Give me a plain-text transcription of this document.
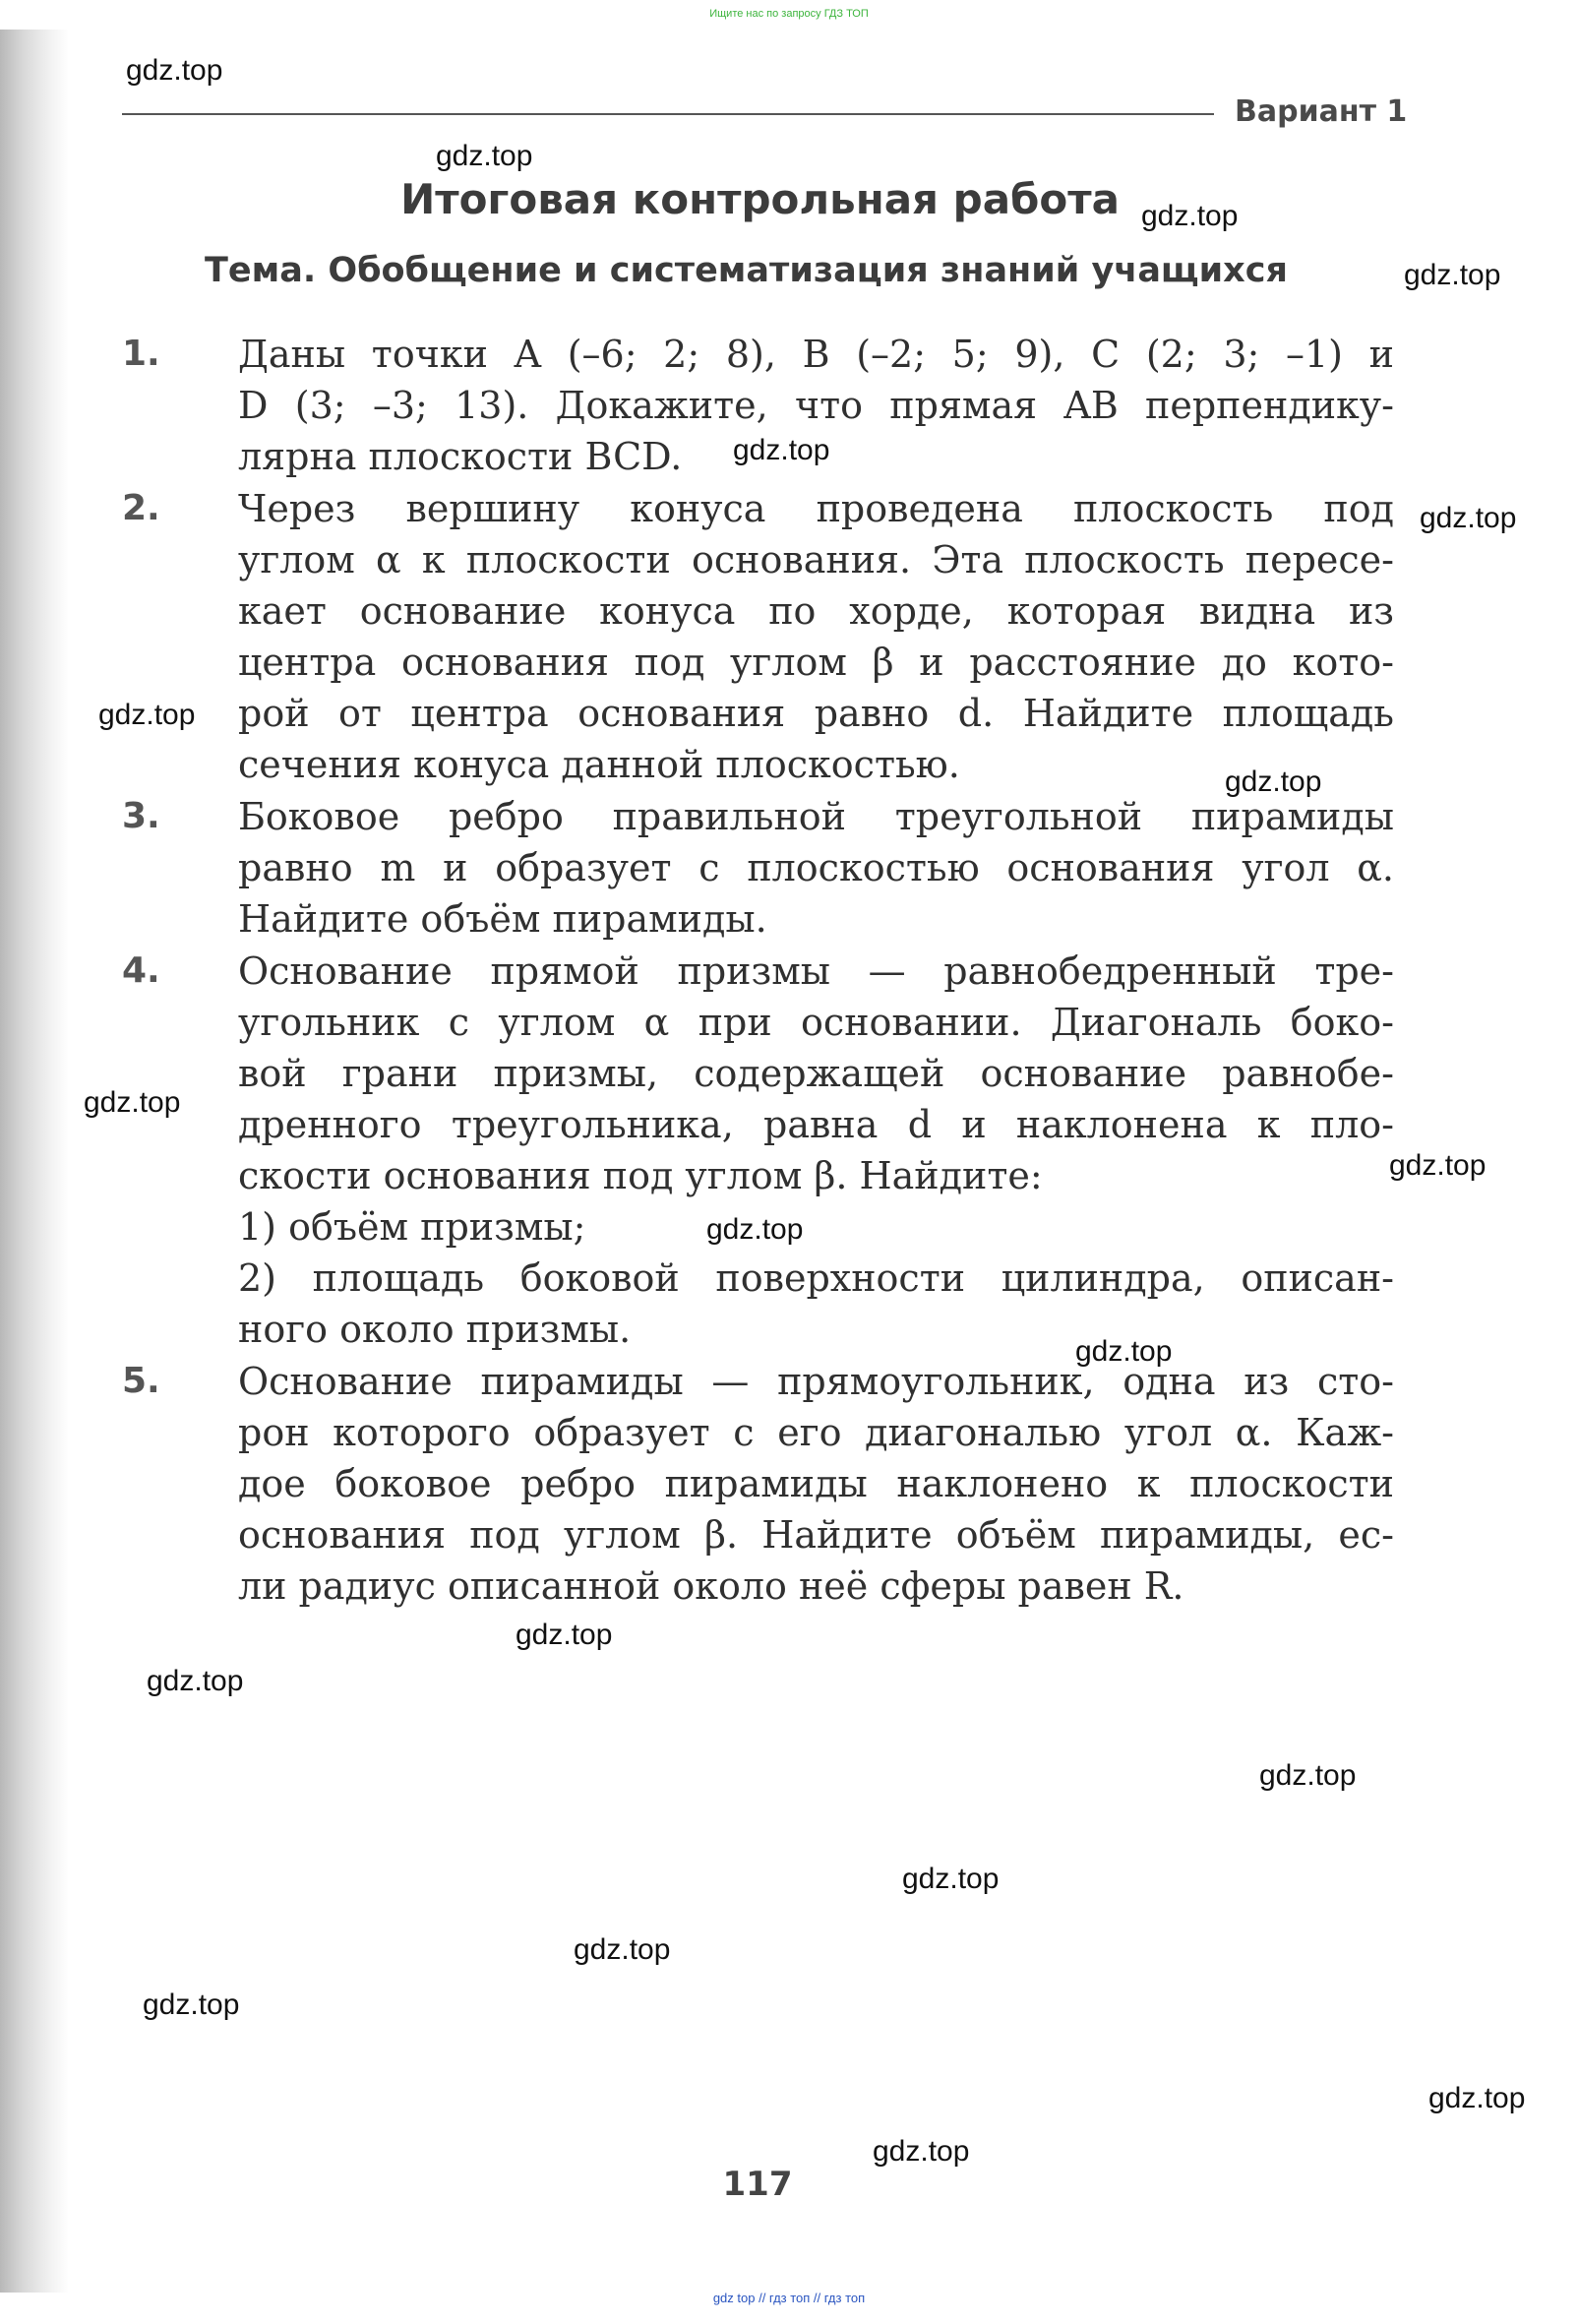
Ищите нас по запросу ГДЗ ТОП
Вариант 1
Итоговая контрольная работа
Тема. Обобщение и систематизация знаний учащихся
1. Даны точки A (–6; 2; 8), B (–2; 5; 9), C (2; 3; –1) и
D (3; –3; 13). Докажите, что прямая AB перпендику-
лярна плоскости BCD.
2. Через вершину конуса проведена плоскость под
углом α к плоскости основания. Эта плоскость пересе-
кает основание конуса по хорде, которая видна из
центра основания под углом β и расстояние до кото-
рой от центра основания равно d. Найдите площадь
сечения конуса данной плоскостью.
3. Боковое ребро правильной треугольной пирамиды
равно m и образует с плоскостью основания угол α.
Найдите объём пирамиды.
4. Основание прямой призмы — равнобедренный тре-
угольник с углом α при основании. Диагональ боко-
вой грани призмы, содержащей основание равнобе-
дренного треугольника, равна d и наклонена к пло-
скости основания под углом β. Найдите:
1) объём призмы;
2) площадь боковой поверхности цилиндра, описан-
ного около призмы.
5. Основание пирамиды — прямоугольник, одна из сто-
рон которого образует с его диагональю угол α. Каж-
дое боковое ребро пирамиды наклонено к плоскости
основания под углом β. Найдите объём пирамиды, ес-
ли радиус описанной около неё сферы равен R.
117
gdz.top
gdz.top
gdz.top
gdz.top
gdz.top
gdz.top
gdz.top
gdz.top
gdz.top
gdz.top
gdz.top
gdz.top
gdz.top
gdz.top
gdz.top
gdz.top
gdz.top
gdz.top
gdz.top
gdz.top
gdz top // гдз топ // гдз топ
